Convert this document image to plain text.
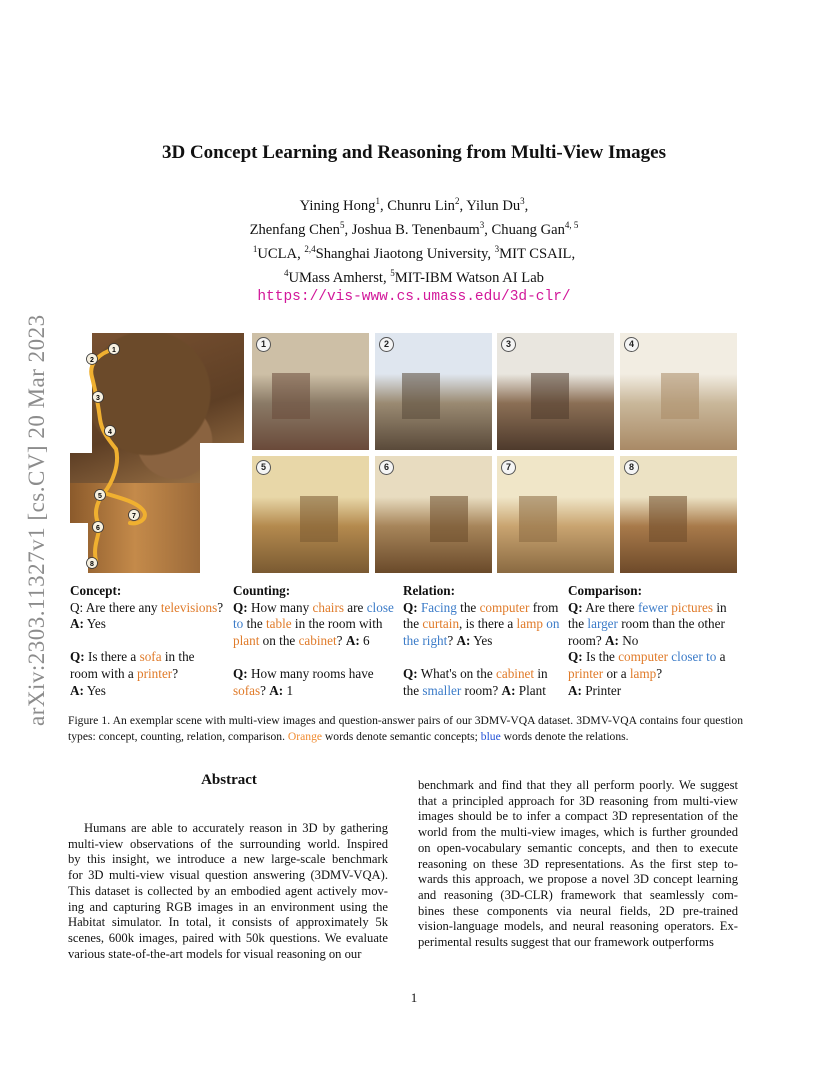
arXiv:2303.11327v1 [cs.CV] 20 Mar 2023
3D Concept Learning and Reasoning from Multi-View Images
Yining Hong$^1$, Chunru Lin$^2$, Yilun Du$^3$,
Zhenfang Chen$^5$, Joshua B. Tenenbaum$^3$, Chuang Gan$^{4, 5}$
$^1$UCLA, $^{2,4}$Shanghai Jiaotong University, $^3$MIT CSAIL,
$^4$UMass Amherst, $^5$MIT-IBM Watson AI Lab
https://vis-www.cs.umass.edu/3d-clr/
1
2
3
4
5
6
7
8
1	2	3	4
5	6	7	8
Concept:
Q: Are there any televisions?
A: Yes
Q: Is there a sofa in the
room with a printer?
A: Yes
Counting:
Q: How many chairs are close
to the table in the room with
plant on the cabinet? A: 6
Q: How many rooms have
sofas? A: 1
Relation:
Q: Facing the computer from
the curtain, is there a lamp on
the right? A: Yes
Q: What's on the cabinet in
the smaller room? A: Plant
Comparison:
Q: Are there fewer pictures in
the larger room than the other
room? A: No
Q: Is the computer closer to a
printer or a lamp?
A: Printer
Figure 1. An exemplar scene with multi-view images and question-answer pairs of our 3DMV-VQA dataset. 3DMV-VQA contains four question types: concept, counting, relation, comparison. Orange words denote semantic concepts; blue words denote the relations.
Abstract
Humans are able to accurately reason in 3D by gathering
multi-view observations of the surrounding world. Inspired
by this insight, we introduce a new large-scale benchmark
for 3D multi-view visual question answering (3DMV-VQA).
This dataset is collected by an embodied agent actively mov-
ing and capturing RGB images in an environment using the
Habitat simulator. In total, it consists of approximately 5k
scenes, 600k images, paired with 50k questions. We evaluate
various state-of-the-art models for visual reasoning on our
benchmark and find that they all perform poorly. We suggest
that a principled approach for 3D reasoning from multi-view
images should be to infer a compact 3D representation of the
world from the multi-view images, which is further grounded
on open-vocabulary semantic concepts, and then to execute
reasoning on these 3D representations. As the first step to-
wards this approach, we propose a novel 3D concept learning
and reasoning (3D-CLR) framework that seamlessly com-
bines these components via neural fields, 2D pre-trained
vision-language models, and neural reasoning operators. Ex-
perimental results suggest that our framework outperforms
1
